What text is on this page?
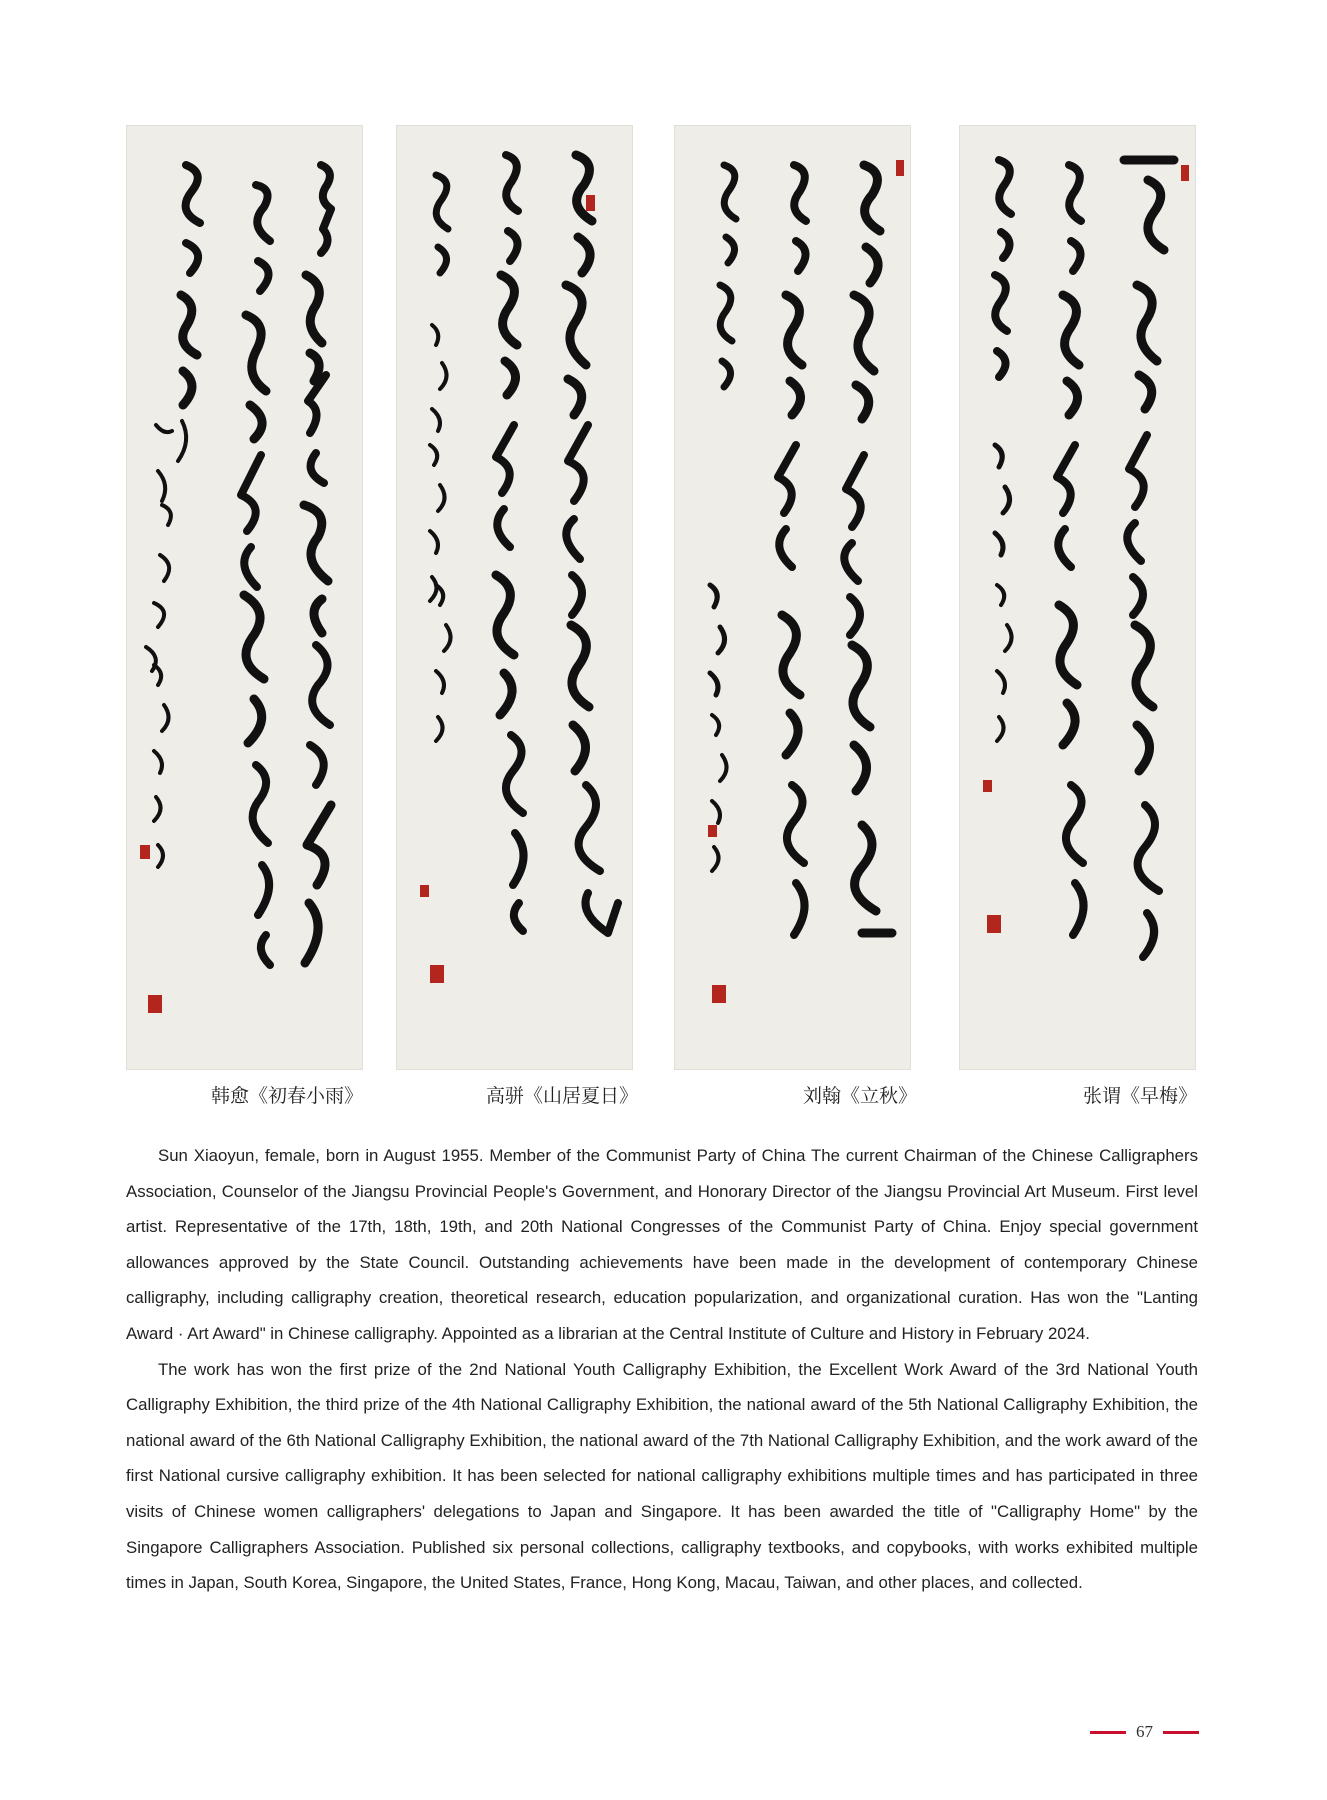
韩愈《初春小雨》	高骈《山居夏日》	刘翰《立秋》	张谓《早梅》

Sun Xiaoyun, female, born in August 1955. Member of the Communist Party of China The current Chairman of the Chinese Calligraphers Association, Counselor of the Jiangsu Provincial People's Government, and Honorary Director of the Jiangsu Provincial Art Museum. First level artist. Representative of the 17th, 18th, 19th, and 20th National Congresses of the Communist Party of China. Enjoy special government allowances approved by the State Council. Outstanding achievements have been made in the development of contemporary Chinese calligraphy, including calligraphy creation, theoretical research, education popularization, and organizational curation. Has won the "Lanting Award · Art Award" in Chinese calligraphy. Appointed as a librarian at the Central Institute of Culture and History in February 2024.

The work has won the first prize of the 2nd National Youth Calligraphy Exhibition, the Excellent Work Award of the 3rd National Youth Calligraphy Exhibition, the third prize of the 4th National Calligraphy Exhibition, the national award of the 5th National Calligraphy Exhibition, the national award of the 6th National Calligraphy Exhibition, the national award of the 7th National Calligraphy Exhibition, and the work award of the first National cursive calligraphy exhibition. It has been selected for national calligraphy exhibitions multiple times and has participated in three visits of Chinese women calligraphers' delegations to Japan and Singapore. It has been awarded the title of "Calligraphy Home" by the Singapore Calligraphers Association. Published six personal collections, calligraphy textbooks, and copybooks, with works exhibited multiple times in Japan, South Korea, Singapore, the United States, France, Hong Kong, Macau, Taiwan, and other places, and collected.

67
